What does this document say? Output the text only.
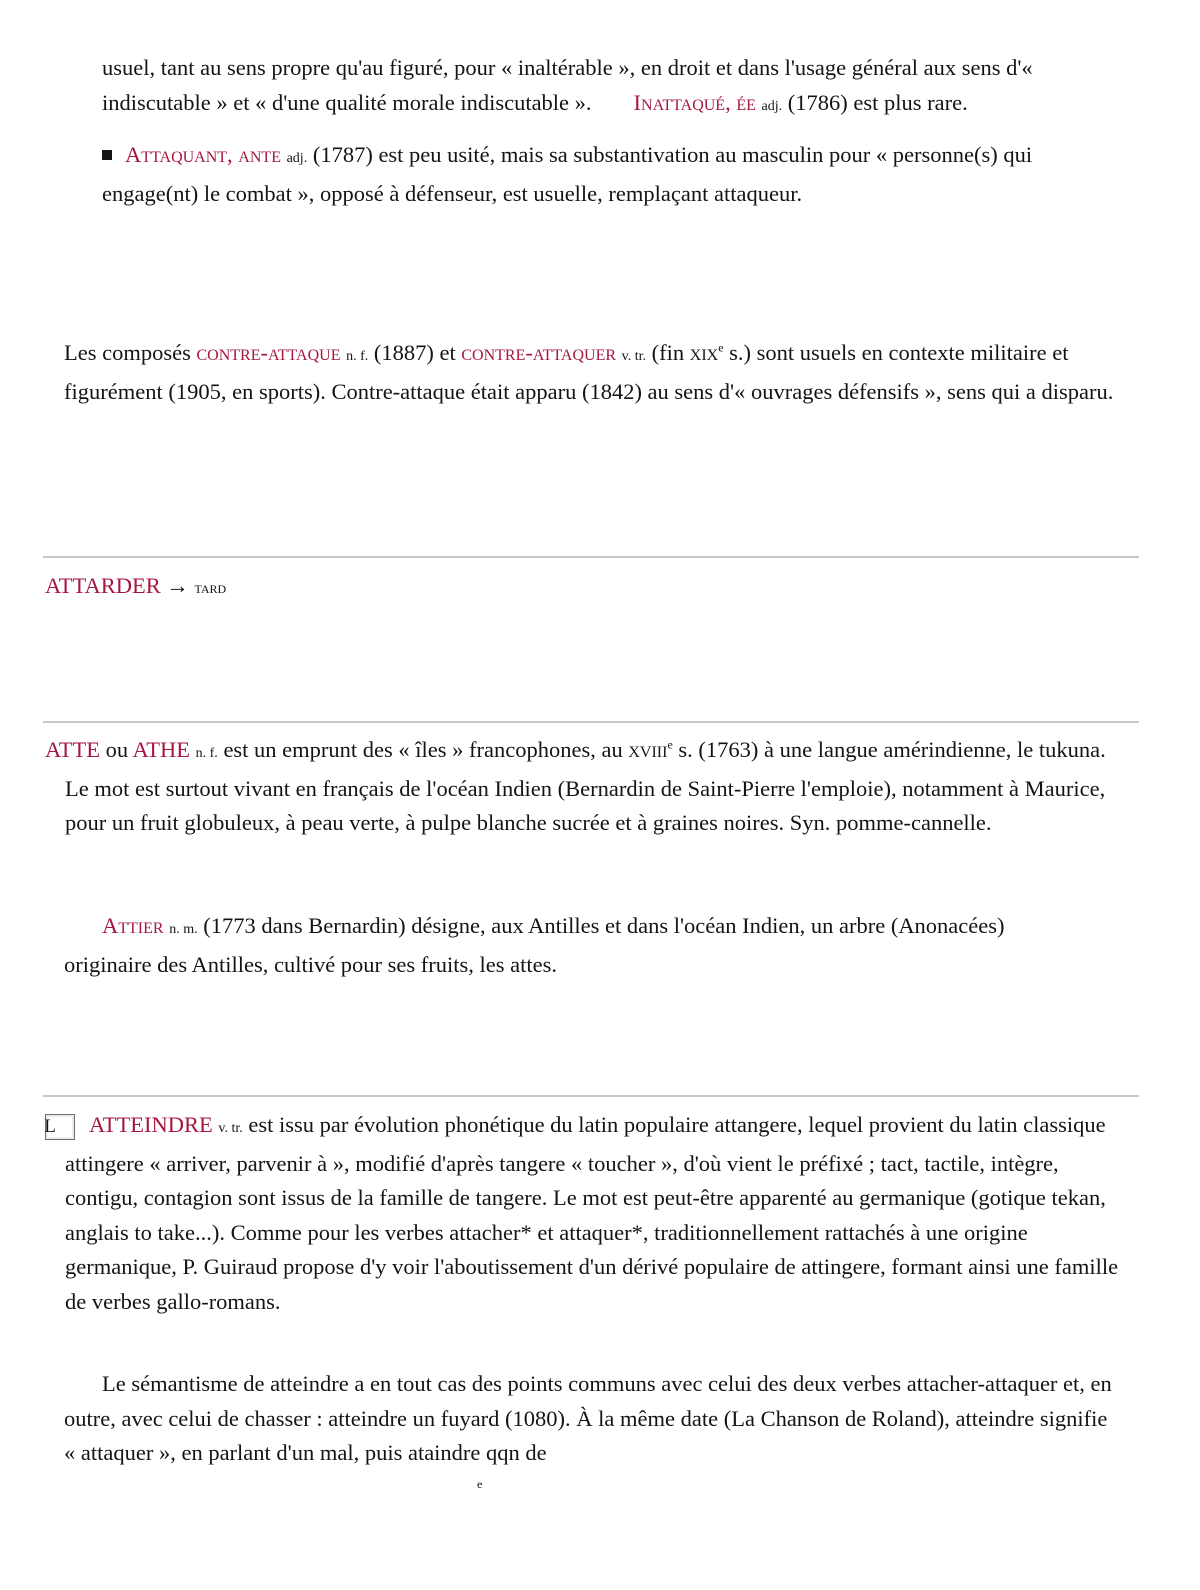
usuel, tant au sens propre qu'au figuré, pour « inaltérable », en droit et dans l'usage général aux sens d'« indiscutable » et « d'une qualité morale indiscutable ». Inattaqué, ée adj. (1786) est plus rare.

Attaquant, ante adj. (1787) est peu usité, mais sa substantivation au masculin pour « personne(s) qui engage(nt) le combat », opposé à défenseur, est usuelle, remplaçant attaqueur.

Les composés contre-attaque n. f. (1887) et contre-attaquer v. tr. (fin xix$^e$ s.) sont usuels en contexte militaire et figurément (1905, en sports). Contre-attaque était apparu (1842) au sens d'« ouvrages défensifs », sens qui a disparu.

ATTARDER → tard

ATTE ou ATHE n. f. est un emprunt des « îles » francophones, au xviii$^e$ s. (1763) à une langue amérindienne, le tukuna. Le mot est surtout vivant en français de l'océan Indien (Bernardin de Saint-Pierre l'emploie), notamment à Maurice, pour un fruit globuleux, à peau verte, à pulpe blanche sucrée et à graines noires. Syn. pomme-cannelle.

Attier n. m. (1773 dans Bernardin) désigne, aux Antilles et dans l'océan Indien, un arbre (Anonacées) originaire des Antilles, cultivé pour ses fruits, les attes.

L ATTEINDRE v. tr. est issu par évolution phonétique du latin populaire attangere, lequel provient du latin classique attingere « arriver, parvenir à », modifié d'après tangere « toucher », d'où vient le préfixé ; tact, tactile, intègre, contigu, contagion sont issus de la famille de tangere. Le mot est peut-être apparenté au germanique (gotique tekan, anglais to take...). Comme pour les verbes attacher* et attaquer*, traditionnellement rattachés à une origine germanique, P. Guiraud propose d'y voir l'aboutissement d'un dérivé populaire de attingere, formant ainsi une famille de verbes gallo-romans.

Le sémantisme de atteindre a en tout cas des points communs avec celui des deux verbes attacher-attaquer et, en outre, avec celui de chasser : atteindre un fuyard (1080). À la même date (La Chanson de Roland), atteindre signifie « attaquer », en parlant d'un mal, puis ataindre qqn de

e
